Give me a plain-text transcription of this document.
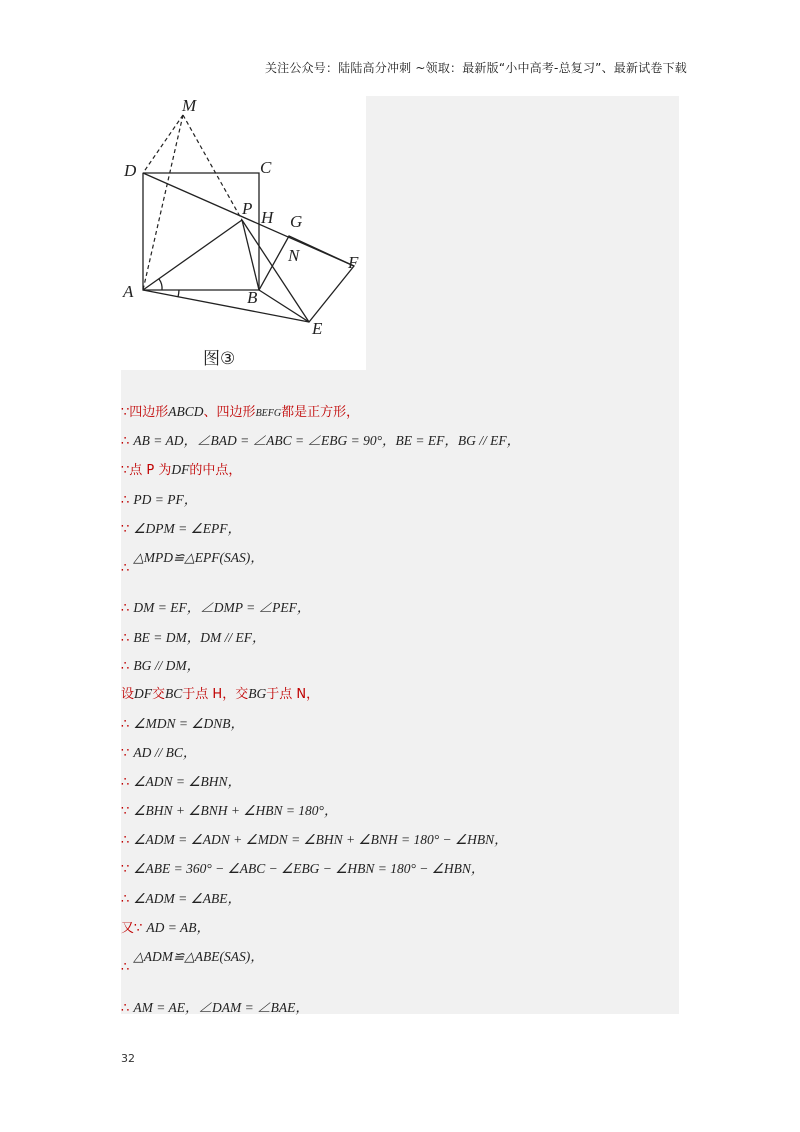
关注公众号：陆陆高分冲刺 ~领取：最新版“小中高考-总复习”、最新试卷下载
M
D	C
P H G
N	F
A	B
E
图③
∵四边形ABCD、四边形BEFG都是正方形，
∴ AB = AD，∠BAD = ∠ABC = ∠EBG = 90°，BE = EF，BG // EF，
∵点 P 为DF的中点，
∴ PD = PF，
∵ ∠DPM = ∠EPF，
∴ △MPD≌△EPF(SAS)，
∴ DM = EF，∠DMP = ∠PEF，
∴ BE = DM，DM // EF，
∴ BG // DM，
设DF交BC于点 H，交BG于点 N，
∴ ∠MDN = ∠DNB，
∵ AD // BC，
∴ ∠ADN = ∠BHN，
∵ ∠BHN + ∠BNH + ∠HBN = 180°，
∴ ∠ADM = ∠ADN + ∠MDN = ∠BHN + ∠BNH = 180° − ∠HBN，
∵ ∠ABE = 360° − ∠ABC − ∠EBG − ∠HBN = 180° − ∠HBN，
∴ ∠ADM = ∠ABE，
又∵ AD = AB，
∴ △ADM≌△ABE(SAS)，
∴ AM = AE，∠DAM = ∠BAE，
32
